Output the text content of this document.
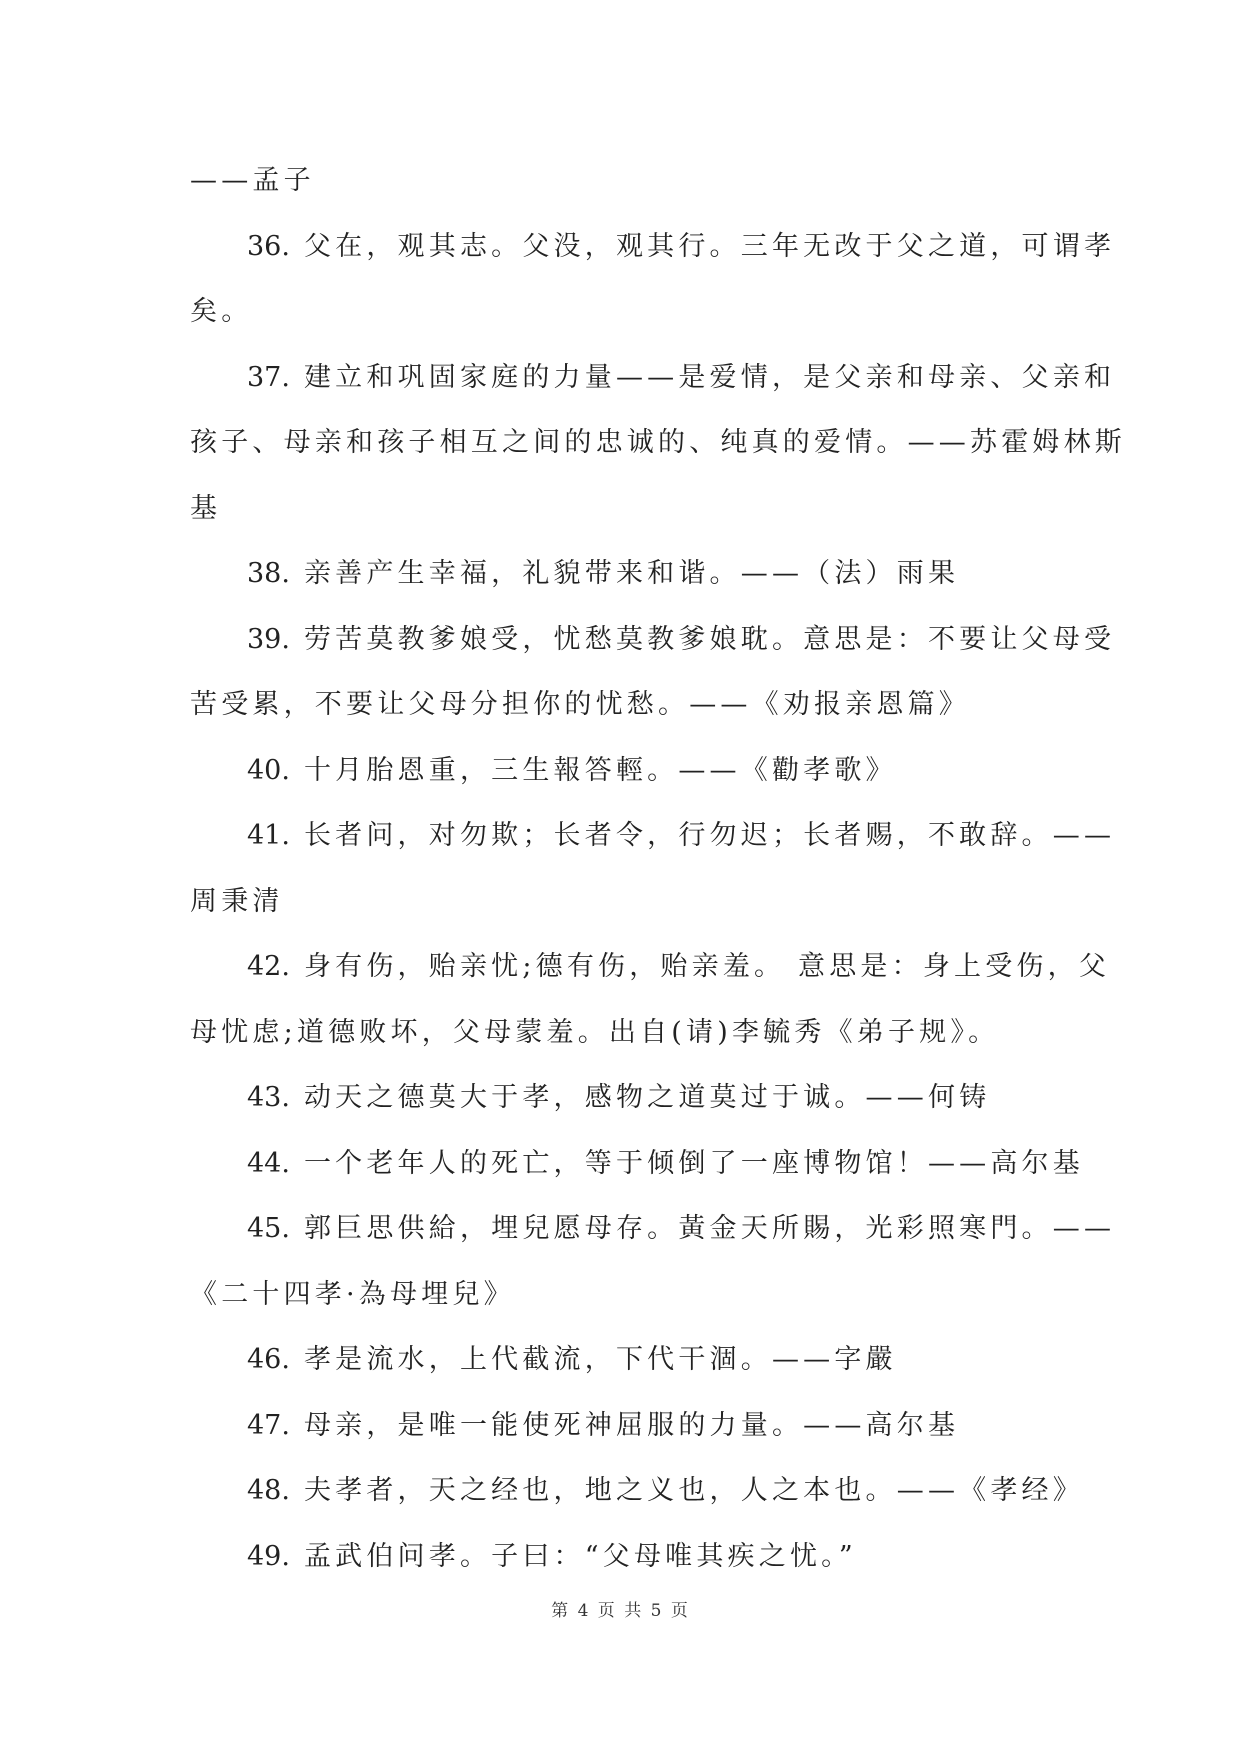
——孟子
36. 父在，观其志。父没，观其行。三年无改于父之道，可谓孝
矣。
37. 建立和巩固家庭的力量——是爱情，是父亲和母亲、父亲和
孩子、母亲和孩子相互之间的忠诚的、纯真的爱情。——苏霍姆林斯
基
38. 亲善产生幸福，礼貌带来和谐。——（法）雨果
39. 劳苦莫教爹娘受，忧愁莫教爹娘耽。意思是：不要让父母受
苦受累，不要让父母分担你的忧愁。——《劝报亲恩篇》
40. 十月胎恩重，三生報答輕。——《勸孝歌》
41. 长者问，对勿欺；长者令，行勿迟；长者赐，不敢辞。——
周秉清
42. 身有伤，贻亲忧;德有伤，贻亲羞。 意思是：身上受伤，父
母忧虑;道德败坏，父母蒙羞。出自(请)李毓秀《弟子规》。
43. 动天之德莫大于孝，感物之道莫过于诚。——何铸
44. 一个老年人的死亡，等于倾倒了一座博物馆！——高尔基
45. 郭巨思供給，埋兒愿母存。黃金天所賜，光彩照寒門。——
《二十四孝·為母埋兒》
46. 孝是流水，上代截流，下代干涸。——字嚴
47. 母亲，是唯一能使死神屈服的力量。——高尔基
48. 夫孝者，天之经也，地之义也，人之本也。——《孝经》
49. 孟武伯问孝。子曰：“父母唯其疾之忧。”
第 4 页 共 5 页
